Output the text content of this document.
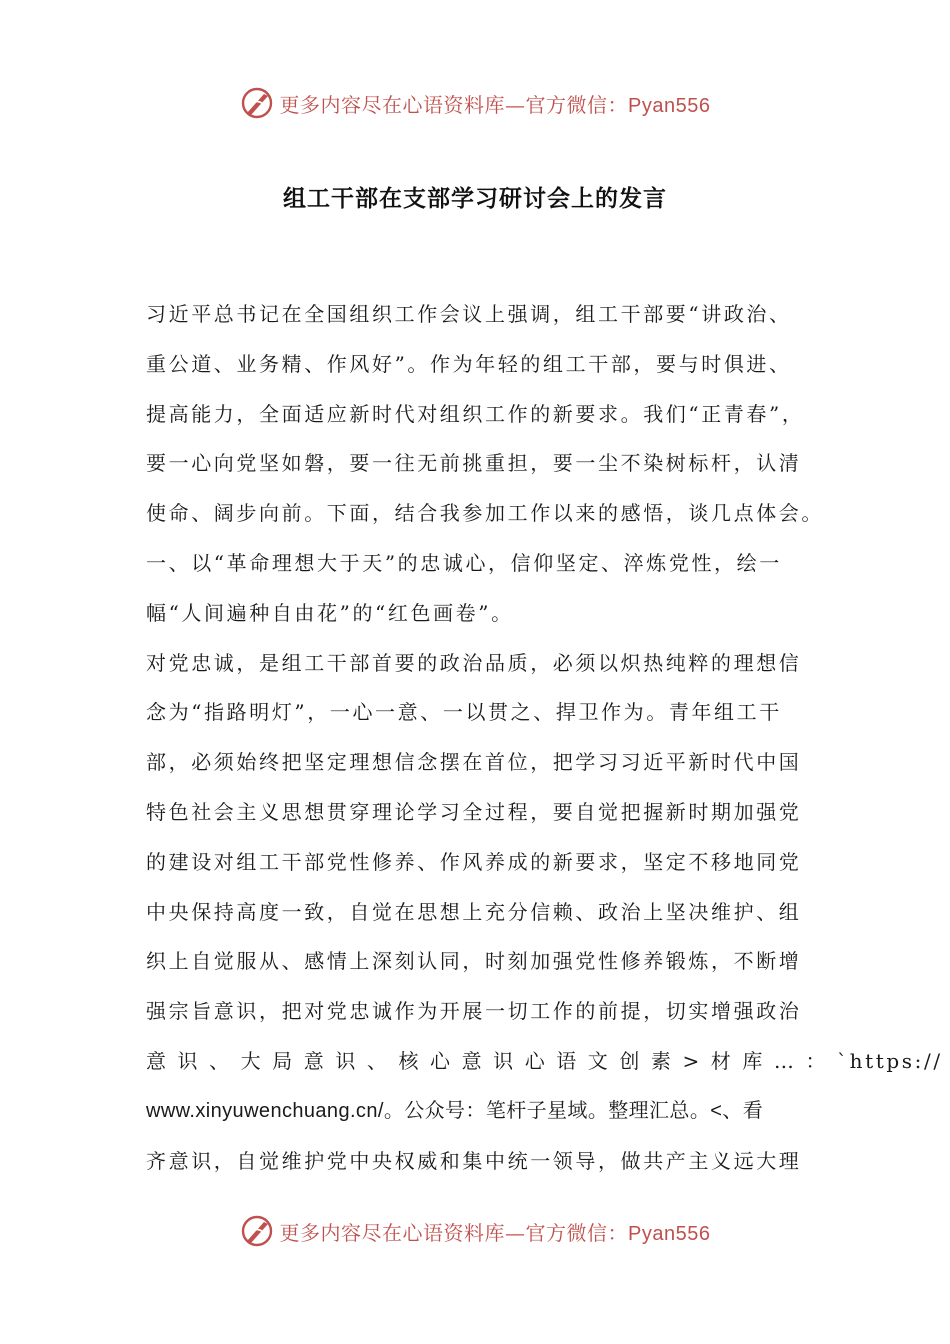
更多内容尽在心语资料库—官方微信：Pyan556
组工干部在支部学习研讨会上的发言
习近平总书记在全国组织工作会议上强调，组工干部要“讲政治、
重公道、业务精、作风好”。作为年轻的组工干部，要与时俱进、
提高能力，全面适应新时代对组织工作的新要求。我们“正青春”，
要一心向党坚如磐，要一往无前挑重担，要一尘不染树标杆，认清
使命、阔步向前。下面，结合我参加工作以来的感悟，谈几点体会。
一、以“革命理想大于天”的忠诚心，信仰坚定、淬炼党性，绘一
幅“人间遍种自由花”的“红色画卷”。
对党忠诚，是组工干部首要的政治品质，必须以炽热纯粹的理想信
念为“指路明灯”，一心一意、一以贯之、捍卫作为。青年组工干
部，必须始终把坚定理想信念摆在首位，把学习习近平新时代中国
特色社会主义思想贯穿理论学习全过程，要自觉把握新时期加强党
的建设对组工干部党性修养、作风养成的新要求，坚定不移地同党
中央保持高度一致，自觉在思想上充分信赖、政治上坚决维护、组
织上自觉服从、感情上深刻认同，时刻加强党性修养锻炼，不断增
强宗旨意识，把对党忠诚作为开展一切工作的前提，切实增强政治
意 识 、 大 局 意 识 、 核 心 意 识 心 语 文 创 素 > 材 库 … ： `https://
www.xinyuwenchuang.cn/。公众号：笔杆子星域。整理汇总。<、看
齐意识，自觉维护党中央权威和集中统一领导，做共产主义远大理
更多内容尽在心语资料库—官方微信：Pyan556
